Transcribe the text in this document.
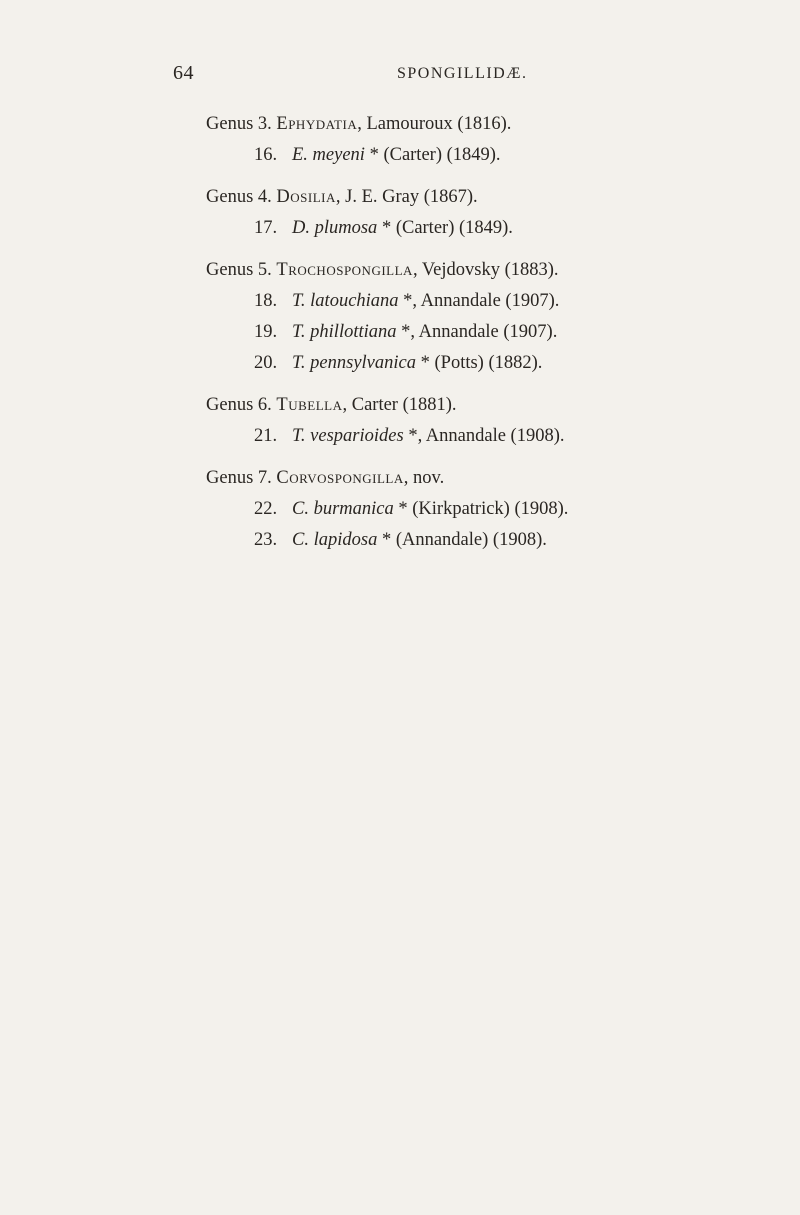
64	SPONGILLIDÆ.
Genus 3. Ephydatia, Lamouroux (1816).
16. E. meyeni * (Carter) (1849).
Genus 4. Dosilia, J. E. Gray (1867).
17. D. plumosa * (Carter) (1849).
Genus 5. Trochospongilla, Vejdovsky (1883).
18. T. latouchiana *, Annandale (1907).
19. T. phillottiana *, Annandale (1907).
20. T. pennsylvanica * (Potts) (1882).
Genus 6. Tubella, Carter (1881).
21. T. vesparioides *, Annandale (1908).
Genus 7. Corvospongilla, nov.
22. C. burmanica * (Kirkpatrick) (1908).
23. C. lapidosa * (Annandale) (1908).
